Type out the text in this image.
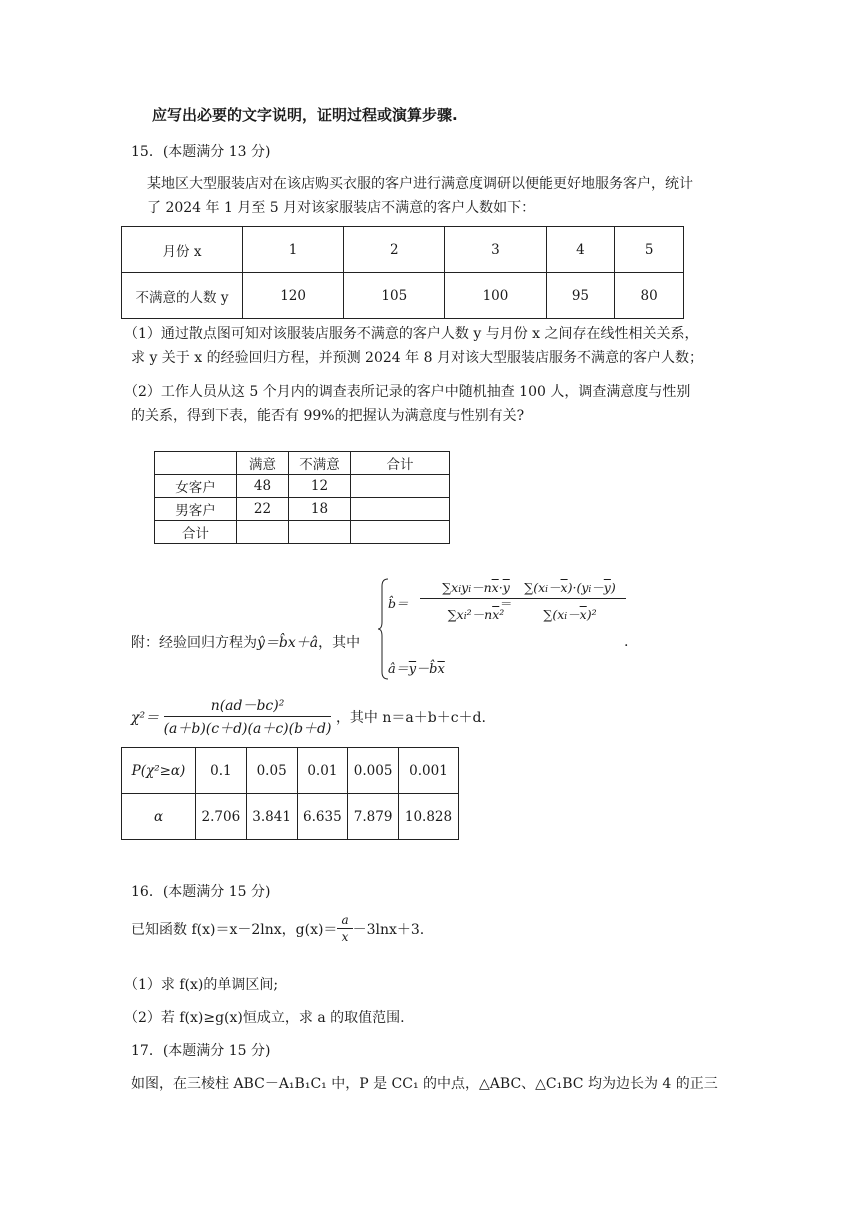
应写出必要的文字说明，证明过程或演算步骤.
15．(本题满分 13 分)
某地区大型服装店对在该店购买衣服的客户进行满意度调研以便能更好地服务客户，统计
了 2024 年 1 月至 5 月对该家服装店不满意的客户人数如下：
月份 x	1	2	3	4	5
不满意的人数 y	120	105	100	95	80
（1）通过散点图可知对该服装店服务不满意的客户人数 y 与月份 x 之间存在线性相关关系，
求 y 关于 x 的经验回归方程，并预测 2024 年 8 月对该大型服装店服务不满意的客户人数；
（2）工作人员从这 5 个月内的调查表所记录的客户中随机抽查 100 人，调查满意度与性别
的关系，得到下表，能否有 99%的把握认为满意度与性别有关?
	满意	不满意	合计
女客户	48	12	
男客户	22	18	
合计			
附：经验回归方程为ŷ＝b̂x＋â，其中
b̂＝
$\sum xiyi-n\overline{x}\cdot\overline{y}$
$\sum xi^2-n\overline{x}^2$
＝
$\sum(xi-\overline{x})\cdot(yi-\overline{y})$
$\sum(xi-\overline{x})^2$
.
$â=\overline{y}-b̂\overline{x}$
$\chi^2= \frac{\text{n(ad－bc)²}}{(a+b)(c+d)(a+c)(b+d)}$ ，其中 n＝a＋b＋c＋d.
P(χ²≥α)	0.1	0.05	0.01	0.005	0.001
α	2.706	3.841	6.635	7.879	10.828
16．(本题满分 15 分)
已知函数 f(x)＝x－2lnx，$g(x)= \frac{a}{x} -3\ln x+3$.
（1）求 f(x)的单调区间;
（2）若 f(x)≥g(x)恒成立，求 a 的取值范围.
17．(本题满分 15 分)
如图，在三棱柱 ABC－A₁B₁C₁ 中，P 是 CC₁ 的中点，△ABC、△C₁BC 均为边长为 4 的正三
